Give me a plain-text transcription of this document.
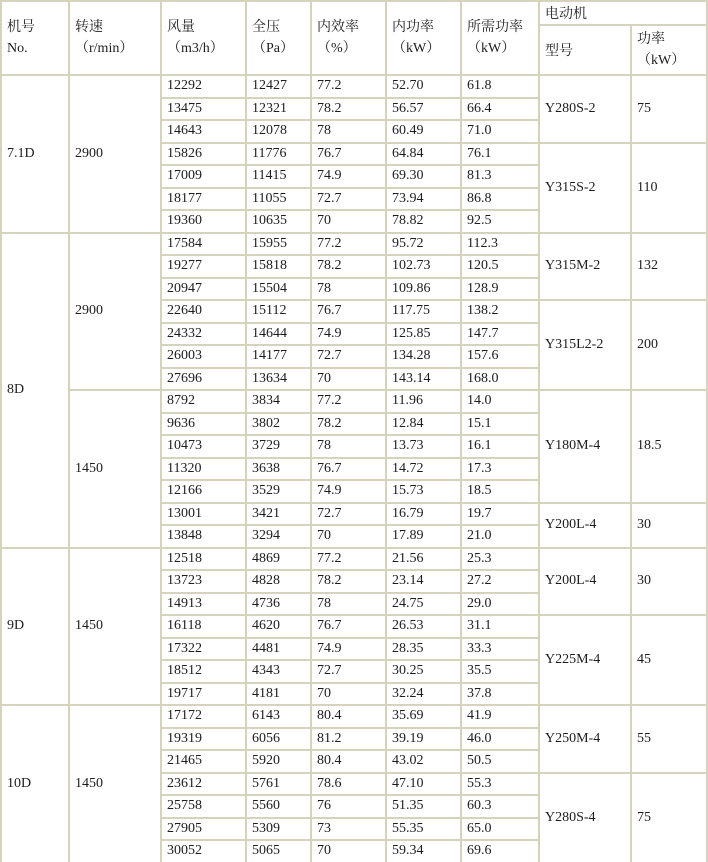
机号
No.

转速
（r/min）

风量
（m3/h）

全压
（Pa）

内效率
（%）

内功率
（kW）

所需功率
（kW）
	电动机
							型号	功率
（kW）

7.1D	2900	12292	12427	77.2	52.70	61.8	Y280S-2	75
		13475	12321	78.2	56.57	66.4		
		14643	12078	78	60.49	71.0		
		15826	11776	76.7	64.84	76.1	Y315S-2	110
		17009	11415	74.9	69.30	81.3		
		18177	11055	72.7	73.94	86.8		
		19360	10635	70	78.82	92.5		
8D	2900	17584	15955	77.2	95.72	112.3	Y315M-2	132
		19277	15818	78.2	102.73	120.5		
		20947	15504	78	109.86	128.9		
		22640	15112	76.7	117.75	138.2	Y315L2-2	200
		24332	14644	74.9	125.85	147.7		
		26003	14177	72.7	134.28	157.6		
		27696	13634	70	143.14	168.0		
	1450	8792	3834	77.2	11.96	14.0	Y180M-4	18.5
		9636	3802	78.2	12.84	15.1		
		10473	3729	78	13.73	16.1		
		11320	3638	76.7	14.72	17.3		
		12166	3529	74.9	15.73	18.5		
		13001	3421	72.7	16.79	19.7	Y200L-4	30
		13848	3294	70	17.89	21.0		
9D	1450	12518	4869	77.2	21.56	25.3	Y200L-4	30
		13723	4828	78.2	23.14	27.2		
		14913	4736	78	24.75	29.0		
		16118	4620	76.7	26.53	31.1	Y225M-4	45
		17322	4481	74.9	28.35	33.3		
		18512	4343	72.7	30.25	35.5		
		19717	4181	70	32.24	37.8		
10D	1450	17172	6143	80.4	35.69	41.9	Y250M-4	55
		19319	6056	81.2	39.19	46.0		
		21465	5920	80.4	43.02	50.5		
		23612	5761	78.6	47.10	55.3	Y280S-4	75
		25758	5560	76	51.35	60.3		
		27905	5309	73	55.35	65.0		
		30052	5065	70	59.34	69.6		
